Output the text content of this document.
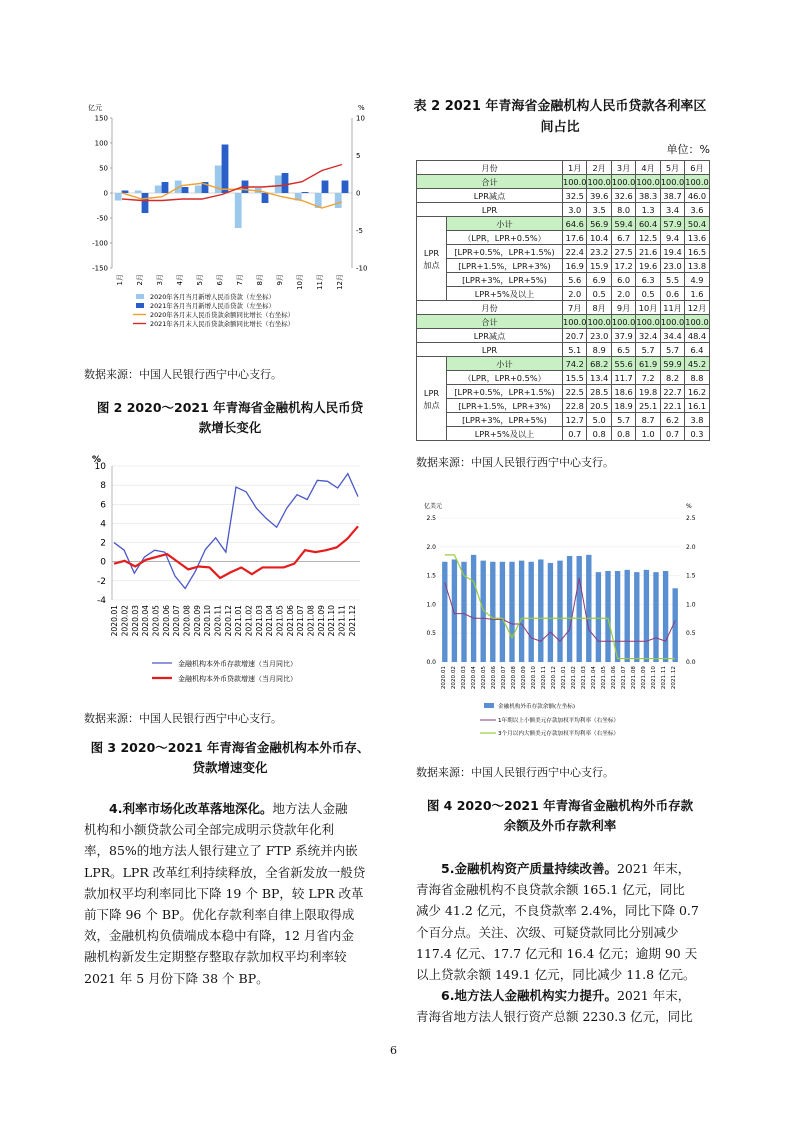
亿元	%
150
100
50
0
-50
-100
-150
10
5
0
-5
-10
1月 2月 3月 4月 5月 6月 7月 8月 9月 10月 11月 12月
2020年各月当月新增人民币贷款（左坐标）
2021年各月当月新增人民币贷款（左坐标）
2020年各月末人民币贷款余额同比增长（右坐标）
2021年各月末人民币贷款余额同比增长（右坐标）
数据来源：中国人民银行西宁中心支行。
图 2 2020～2021 年青海省金融机构人民币贷
款增长变化
%
-4
-2
0
2
4
6
8
10
2020.01 2020.02 2020.03 2020.04 2020.05 2020.06 2020.07 2020.08 2020.09 2020.10 2020.11 2020.12 2021.01 2021.02 2021.03 2021.04 2021.05 2021.06 2021.07 2021.08 2021.09 2021.10 2021.11 2021.12
金融机构本外币存款增速（当月同比）
金融机构本外币贷款增速（当月同比）
数据来源：中国人民银行西宁中心支行。
图 3 2020～2021 年青海省金融机构本外币存、
贷款增速变化
4.利率市场化改革落地深化。地方法人金融
机构和小额贷款公司全部完成明示贷款年化利
率，85%的地方法人银行建立了 FTP 系统并内嵌
LPR。LPR 改革红利持续释放，全省新发放一般贷
款加权平均利率同比下降 19 个 BP，较 LPR 改革
前下降 96 个 BP。优化存款利率自律上限取得成
效，金融机构负债端成本稳中有降，12 月省内金
融机构新发生定期整存整取存款加权平均利率较
2021 年 5 月份下降 38 个 BP。
表 2 2021 年青海省金融机构人民币贷款各利率区
间占比
单位：%
月份		1月	2月	3月	4月	5月	6月
合计		100.0	100.0	100.0	100.0	100.0	100.0
LPR减点		32.5	39.6	32.6	38.3	38.7	46.0
LPR		3.0	3.5	8.0	1.3	3.4	3.6

LPR
加点	小计	64.6	56.9	59.4	60.4	57.9	50.4
	（LPR，LPR+0.5%）	17.6	10.4	6.7	12.5	9.4	13.6
	[LPR+0.5%，LPR+1.5%)	22.4	23.2	27.5	21.6	19.4	16.5
	[LPR+1.5%，LPR+3%)	16.9	15.9	17.2	19.6	23.0	13.8
	[LPR+3%，LPR+5%)	5.6	6.9	6.0	6.3	5.5	4.9
	LPR+5%及以上	2.0	0.5	2.0	0.5	0.6	1.6
月份		7月	8月	9月	10月	11月	12月
合计		100.0	100.0	100.0	100.0	100.0	100.0
LPR减点		20.7	23.0	37.9	32.4	34.4	48.4
LPR		5.1	8.9	6.5	5.7	5.7	6.4

LPR
加点	小计	74.2	68.2	55.6	61.9	59.9	45.2
	（LPR，LPR+0.5%）	15.5	13.4	11.7	7.2	8.2	8.8
	[LPR+0.5%，LPR+1.5%)	22.5	28.5	18.6	19.8	22.7	16.2
	[LPR+1.5%，LPR+3%)	22.8	20.5	18.9	25.1	22.1	16.1
	[LPR+3%，LPR+5%)	12.7	5.0	5.7	8.7	6.2	3.8
	LPR+5%及以上	0.7	0.8	0.8	1.0	0.7	0.3
数据来源：中国人民银行西宁中心支行。
亿美元	%
0.0	0.0
0.5	0.5
1.0	1.0
1.5	1.5
2.0	2.0
2.5	2.5
2020.01 2020.02 2020.03 2020.04 2020.05 2020.06 2020.07 2020.08 2020.09 2020.10 2020.11 2020.12 2021.01 2021.02 2021.03 2021.04 2021.05 2021.06 2021.07 2021.08 2021.09 2021.10 2021.11 2021.12
金融机构外币存款余额(左坐标)
1年期以上小额美元存款加权平均利率（右坐标）
3个月以内大额美元存款加权平均利率（右坐标）
数据来源：中国人民银行西宁中心支行。
图 4 2020～2021 年青海省金融机构外币存款
余额及外币存款利率
5.金融机构资产质量持续改善。2021 年末，
青海省金融机构不良贷款余额 165.1 亿元，同比
减少 41.2 亿元，不良贷款率 2.4%，同比下降 0.7
个百分点。关注、次级、可疑贷款同比分别减少
117.4 亿元、17.7 亿元和 16.4 亿元；逾期 90 天
以上贷款余额 149.1 亿元，同比减少 11.8 亿元。
6.地方法人金融机构实力提升。2021 年末，
青海省地方法人银行资产总额 2230.3 亿元，同比
6
